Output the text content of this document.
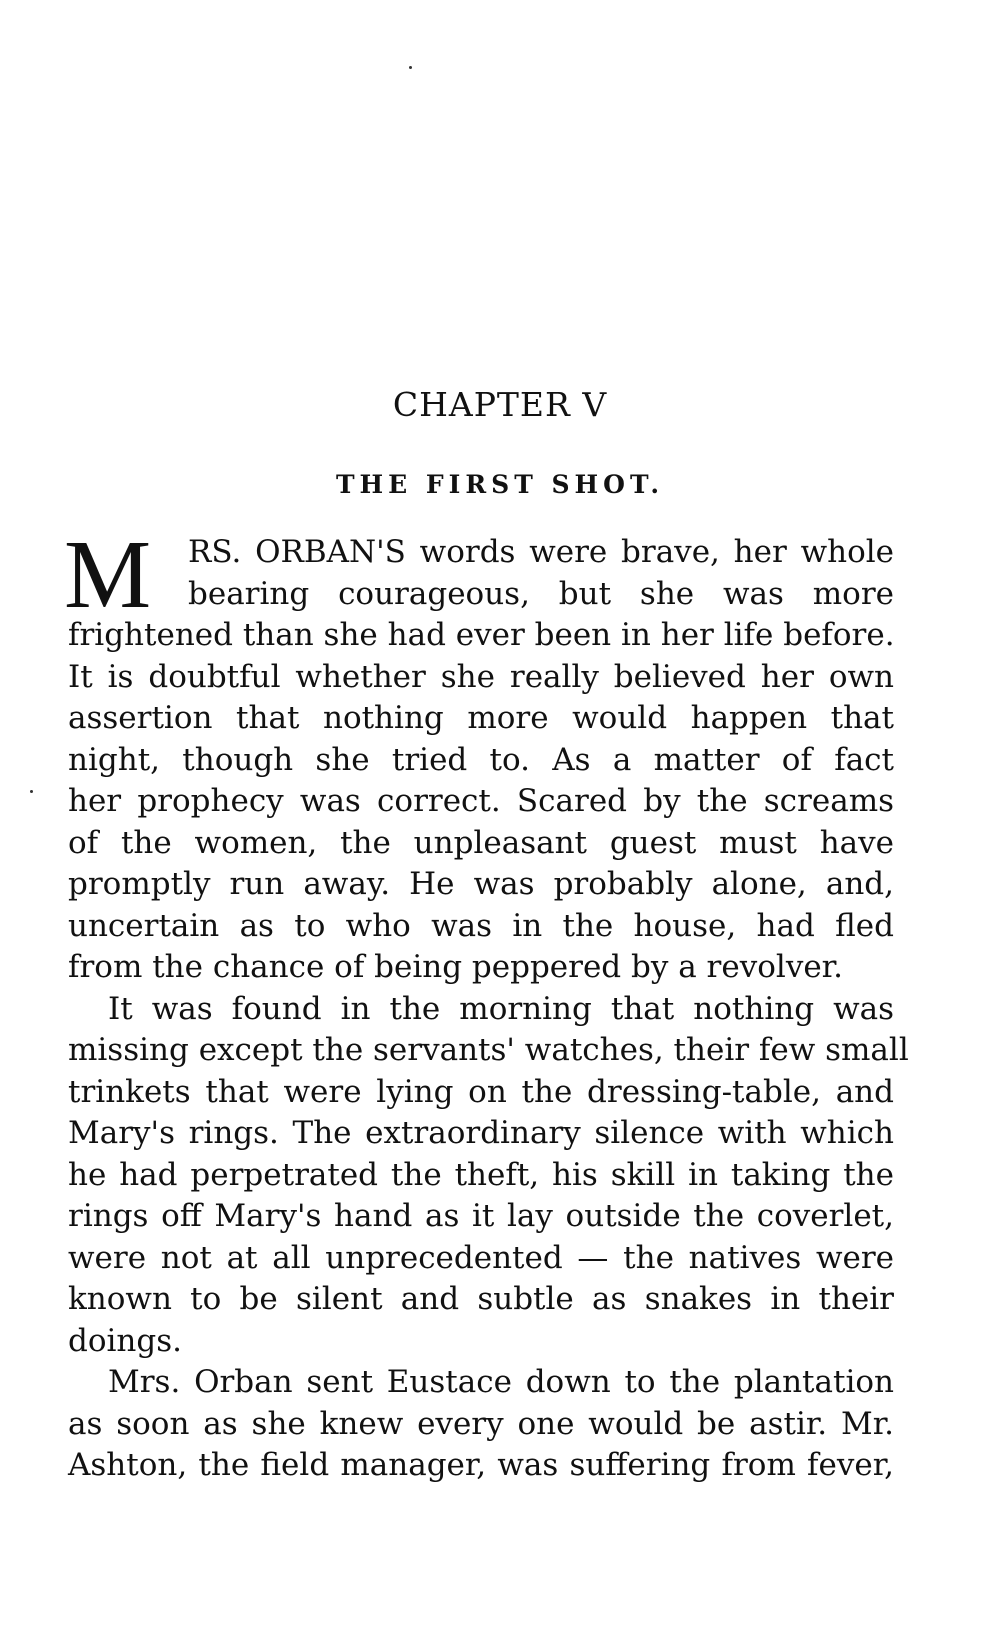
CHAPTER V
THE FIRST SHOT.
M	RS. ORBAN'S words were brave, her whole
bearing courageous, but she was more
frightened than she had ever been in her life before.
It is doubtful whether she really believed her own
assertion that nothing more would happen that
night, though she tried to. As a matter of fact
her prophecy was correct. Scared by the screams
of the women, the unpleasant guest must have
promptly run away. He was probably alone, and,
uncertain as to who was in the house, had fled
from the chance of being peppered by a revolver.
It was found in the morning that nothing was
missing except the servants' watches, their few small
trinkets that were lying on the dressing-table, and
Mary's rings. The extraordinary silence with which
he had perpetrated the theft, his skill in taking the
rings off Mary's hand as it lay outside the coverlet,
were not at all unprecedented — the natives were
known to be silent and subtle as snakes in their
doings.
Mrs. Orban sent Eustace down to the plantation
as soon as she knew every one would be astir. Mr.
Ashton, the field manager, was suffering from fever,
